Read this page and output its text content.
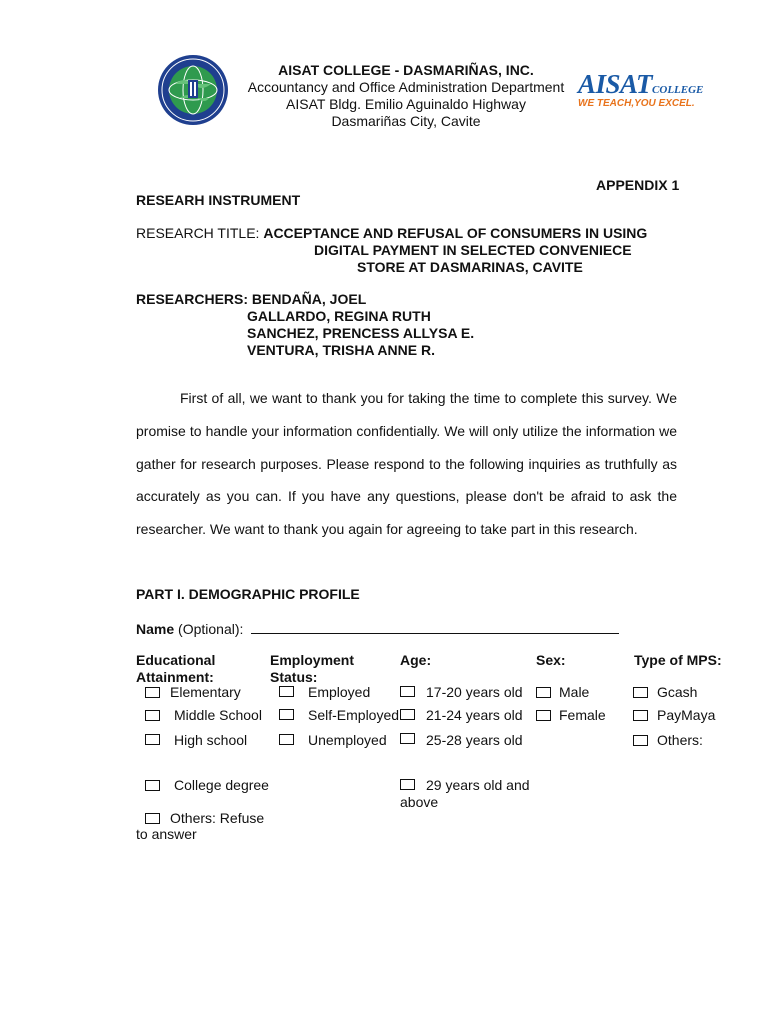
AISAT COLLEGE - DASMARIÑAS, INC.
Accountancy and Office Administration Department
AISAT Bldg. Emilio Aguinaldo Highway
Dasmariñas City, Cavite
AISATCOLLEGE
WE TEACH,YOU EXCEL.
APPENDIX 1
RESEARH INSTRUMENT
RESEARCH TITLE: ACCEPTANCE AND REFUSAL OF CONSUMERS IN USING
DIGITAL PAYMENT IN SELECTED CONVENIECE
STORE AT DASMARINAS, CAVITE
RESEARCHERS: BENDAÑA, JOEL
GALLARDO, REGINA RUTH
SANCHEZ, PRENCESS ALLYSA E.
VENTURA, TRISHA ANNE R.

First of all, we want to thank you for taking the time to complete this survey. We promise to handle your information confidentially. We will only utilize the information we gather for research purposes. Please respond to the following inquiries as truthfully as accurately as you can. If you have any questions, please don't be afraid to ask the researcher. We want to thank you again for agreeing to take part in this research.

PART I. DEMOGRAPHIC PROFILE
Name (Optional):
Educational
Attainment:
Employment
Status:
Age:	Sex:	Type of MPS:
Elementary
Middle School
High school
College degree
Others: Refuse
to answer
Employed
Self-Employed
Unemployed
17-20 years old
21-24 years old
25-28 years old
29 years old and
above
Male
Female
Gcash
PayMaya
Others:
